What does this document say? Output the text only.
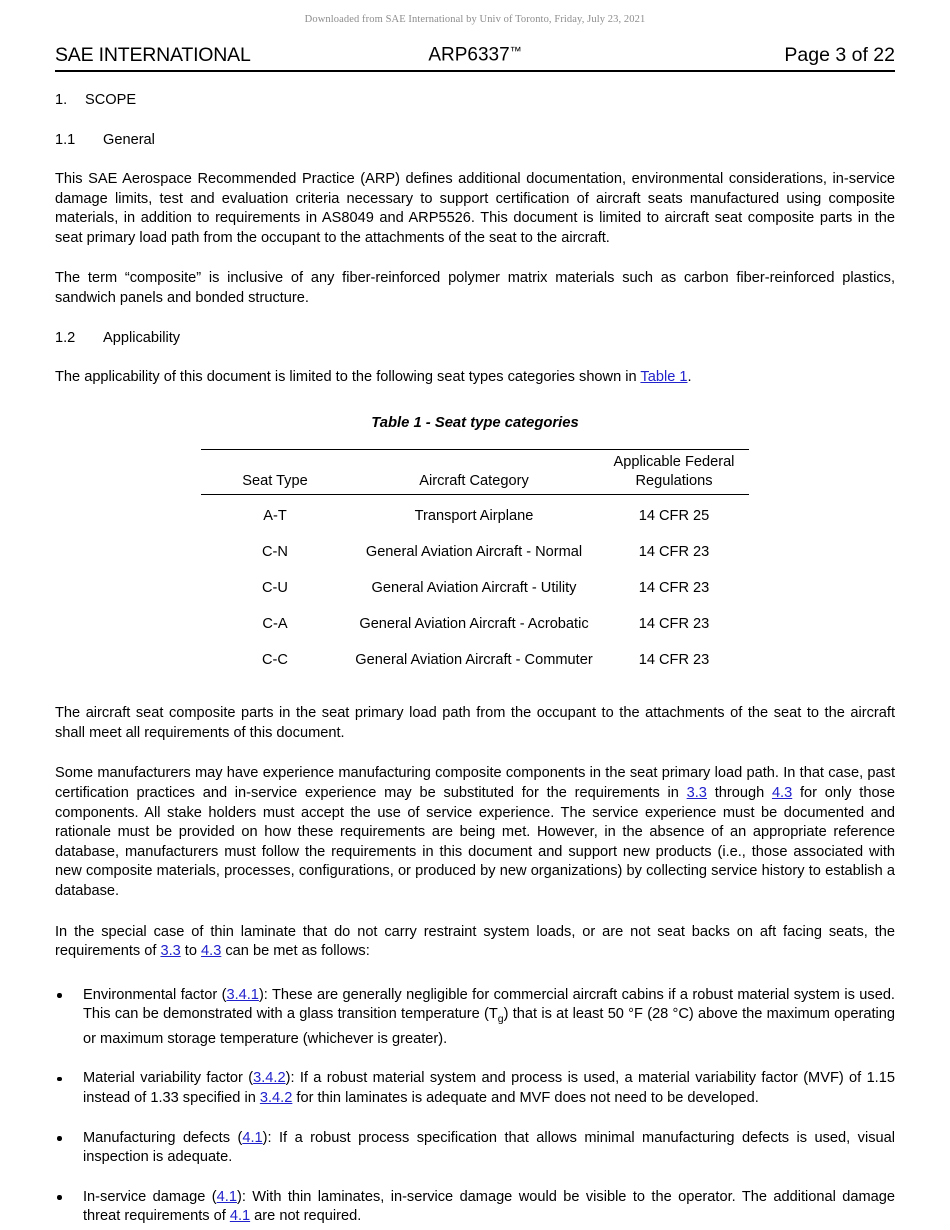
Downloaded from SAE International by Univ of Toronto, Friday, July 23, 2021
SAE INTERNATIONAL	ARP6337™	Page 3 of 22
1. SCOPE
1.1 General

This SAE Aerospace Recommended Practice (ARP) defines additional documentation, environmental considerations, in-service damage limits, test and evaluation criteria necessary to support certification of aircraft seats manufactured using composite materials, in addition to requirements in AS8049 and ARP5526. This document is limited to aircraft seat composite parts in the seat primary load path from the occupant to the attachments of the seat to the aircraft.

The term “composite” is inclusive of any fiber-reinforced polymer matrix materials such as carbon fiber-reinforced plastics, sandwich panels and bonded structure.

1.2 Applicability

The applicability of this document is limited to the following seat types categories shown in Table 1.

Table 1 - Seat type categories

Seat Type	Aircraft Category	Applicable Federal
Regulations
A-T	Transport Airplane	14 CFR 25
C-N	General Aviation Aircraft - Normal	14 CFR 23
C-U	General Aviation Aircraft - Utility	14 CFR 23
C-A	General Aviation Aircraft - Acrobatic	14 CFR 23
C-C	General Aviation Aircraft - Commuter	14 CFR 23

The aircraft seat composite parts in the seat primary load path from the occupant to the attachments of the seat to the aircraft shall meet all requirements of this document.

Some manufacturers may have experience manufacturing composite components in the seat primary load path. In that case, past certification practices and in-service experience may be substituted for the requirements in 3.3 through 4.3 for only those components. All stake holders must accept the use of service experience. The service experience must be documented and rationale must be provided on how these requirements are being met. However, in the absence of an appropriate reference database, manufacturers must follow the requirements in this document and support new products (i.e., those associated with new composite materials, processes, configurations, or produced by new organizations) by collecting service history to establish a database.

In the special case of thin laminate that do not carry restraint system loads, or are not seat backs on aft facing seats, the requirements of 3.3 to 4.3 can be met as follows:

Environmental factor (3.4.1): These are generally negligible for commercial aircraft cabins if a robust material system is used. This can be demonstrated with a glass transition temperature $(T_g)$ that is at least 50 °F (28 °C) above the maximum operating or maximum storage temperature (whichever is greater).
Material variability factor (3.4.2): If a robust material system and process is used, a material variability factor (MVF) of 1.15 instead of 1.33 specified in 3.4.2 for thin laminates is adequate and MVF does not need to be developed.
Manufacturing defects (4.1): If a robust process specification that allows minimal manufacturing defects is used, visual inspection is adequate.
In-service damage (4.1): With thin laminates, in-service damage would be visible to the operator. The additional damage threat requirements of 4.1 are not required.
